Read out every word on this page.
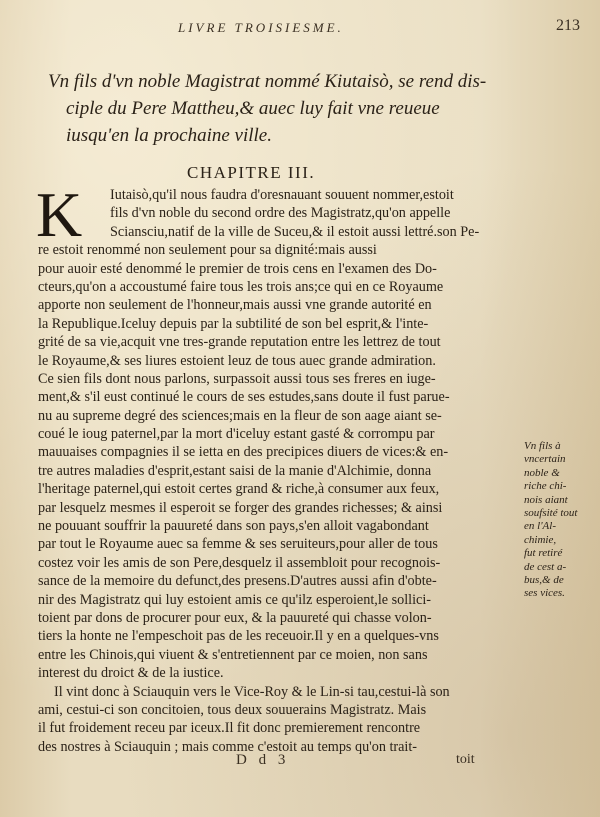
LIVRE TROISIESME.	213

Vn fils d'vn noble Magistrat nommé Kiutaisò, se rend dis-
ciple du Pere Mattheu,& auec luy fait vne reueue
iusqu'en la prochaine ville.

CHAPITRE III.
K	Iutaisò,qu'il nous faudra d'oresnauant souuent nommer,estoit
fils d'vn noble du second ordre des Magistratz,qu'on appelle
Sciansciu,natif de la ville de Suceu,& il estoit aussi lettré.son Pe-
re estoit renommé non seulement pour sa dignité:mais aussi
pour auoir esté denommé le premier de trois cens en l'examen des Do-
cteurs,qu'on a accoustumé faire tous les trois ans;ce qui en ce Royaume
apporte non seulement de l'honneur,mais aussi vne grande autorité en
la Republique.Iceluy depuis par la subtilité de son bel esprit,& l'inte-
grité de sa vie,acquit vne tres-grande reputation entre les lettrez de tout
le Royaume,& ses liures estoient leuz de tous auec grande admiration.
Ce sien fils dont nous parlons, surpassoit aussi tous ses freres en iuge-
ment,& s'il eust continué le cours de ses estudes,sans doute il fust parue-
nu au supreme degré des sciences;mais en la fleur de son aage aiant se-
coué le ioug paternel,par la mort d'iceluy estant gasté & corrompu par
mauuaises compagnies il se ietta en des precipices diuers de vices:& en-
tre autres maladies d'esprit,estant saisi de la manie d'Alchimie, donna
l'heritage paternel,qui estoit certes grand & riche,à consumer aux feux,
par lesquelz mesmes il esperoit se forger des grandes richesses; & ainsi
ne pouuant souffrir la pauureté dans son pays,s'en alloit vagabondant
par tout le Royaume auec sa femme & ses seruiteurs,pour aller de tous
costez voir les amis de son Pere,desquelz il assembloit pour recognois-
sance de la memoire du defunct,des presens.D'autres aussi afin d'obte-
nir des Magistratz qui luy estoient amis ce qu'ilz esperoient,le sollici-
toient par dons de procurer pour eux, & la pauureté qui chasse volon-
tiers la honte ne l'empeschoit pas de les receuoir.Il y en a quelques-vns
entre les Chinois,qui viuent & s'entretiennent par ce moien, non sans
interest du droict & de la iustice.
Il vint donc à Sciauquin vers le Vice-Roy & le Lin-si tau,cestui-là son
ami, cestui-ci son concitoien, tous deux souuerains Magistratz. Mais
il fut froidement receu par iceux.Il fit donc premierement rencontre
des nostres à Sciauquin ; mais comme c'estoit au temps qu'on trait-
Vn fils à
vncertain
noble &
riche chi-
nois aiant
soufsité tout
en l'Al-
chimie,
fut retiré
de cest a-
bus,& de
ses vices.
D d 3	toit
